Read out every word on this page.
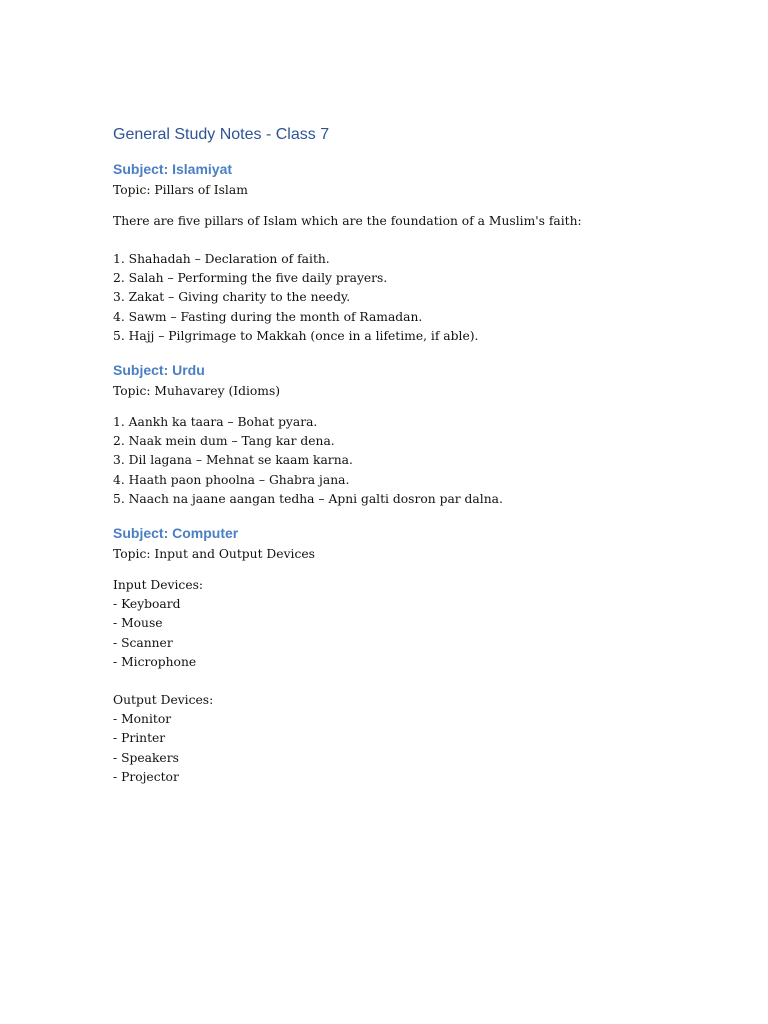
General Study Notes - Class 7
Subject: Islamiyat
Topic: Pillars of Islam
There are five pillars of Islam which are the foundation of a Muslim's faith:
1. Shahadah – Declaration of faith.
2. Salah – Performing the five daily prayers.
3. Zakat – Giving charity to the needy.
4. Sawm – Fasting during the month of Ramadan.
5. Hajj – Pilgrimage to Makkah (once in a lifetime, if able).
Subject: Urdu
Topic: Muhavarey (Idioms)
1. Aankh ka taara – Bohat pyara.
2. Naak mein dum – Tang kar dena.
3. Dil lagana – Mehnat se kaam karna.
4. Haath paon phoolna – Ghabra jana.
5. Naach na jaane aangan tedha – Apni galti dosron par dalna.
Subject: Computer
Topic: Input and Output Devices
Input Devices:
- Keyboard
- Mouse
- Scanner
- Microphone
Output Devices:
- Monitor
- Printer
- Speakers
- Projector
